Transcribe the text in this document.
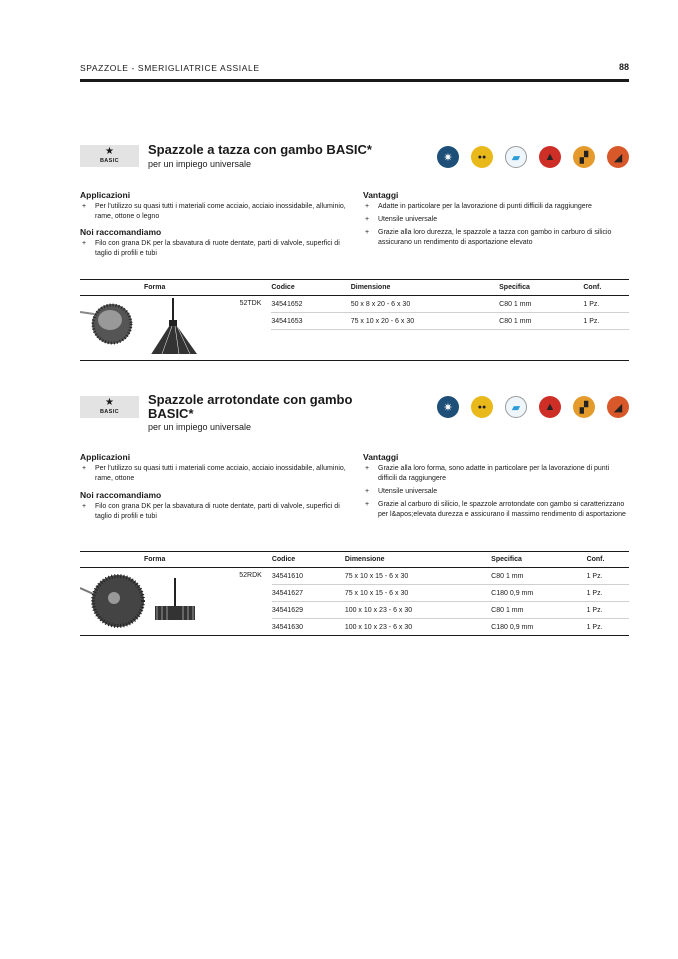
SPAZZOLE - SMERIGLIATRICE ASSIALE	88
★
BASIC
Spazzole a tazza con gambo BASIC*
per un impiego universale
✷	●●	▰	▲	▞	◢
Applicazioni
+ Per l'utilizzo su quasi tutti i materiali come acciaio, acciaio inossidabile, alluminio, rame, ottone o legno
Noi raccomandiamo
+ Filo con grana DK per la sbavatura di ruote dentate, parti di valvole, superfici di taglio di profili e tubi
Vantaggi
+ Adatte in particolare per la lavorazione di punti difficili da raggiungere
+ Utensile universale
+ Grazie alla loro durezza, le spazzole a tazza con gambo in carburo di silicio assicurano un rendimento di asportazione elevato
Forma		Codice	Dimensione	Specifica	Conf.
	52TDK	34541652	50 x 8 x 20 - 6 x 30	C80 1 mm	1 Pz.
		34541653	75 x 10 x 20 - 6 x 30	C80 1 mm	1 Pz.

★
BASIC
Spazzole arrotondate con gambo
BASIC*
per un impiego universale
✷	●●	▰	▲	▞	◢
Applicazioni
+ Per l'utilizzo su quasi tutti i materiali come acciaio, acciaio inossidabile, alluminio, rame, ottone
Noi raccomandiamo
+ Filo con grana DK per la sbavatura di ruote dentate, parti di valvole, superfici di taglio di profili e tubi
Vantaggi
+ Grazie alla loro forma, sono adatte in particolare per la lavorazione di punti difficili da raggiungere
+ Utensile universale
+ Grazie al carburo di silicio, le spazzole arrotondate con gambo si caratterizzano per l&apos;elevata durezza e assicurano il massimo rendimento di asportazione
Forma		Codice	Dimensione	Specifica	Conf.
	52RDK	34541610	75 x 10 x 15 - 6 x 30	C80 1 mm	1 Pz.
		34541627	75 x 10 x 15 - 6 x 30	C180 0,9 mm	1 Pz.
		34541629	100 x 10 x 23 - 6 x 30	C80 1 mm	1 Pz.
		34541630	100 x 10 x 23 - 6 x 30	C180 0,9 mm	1 Pz.
